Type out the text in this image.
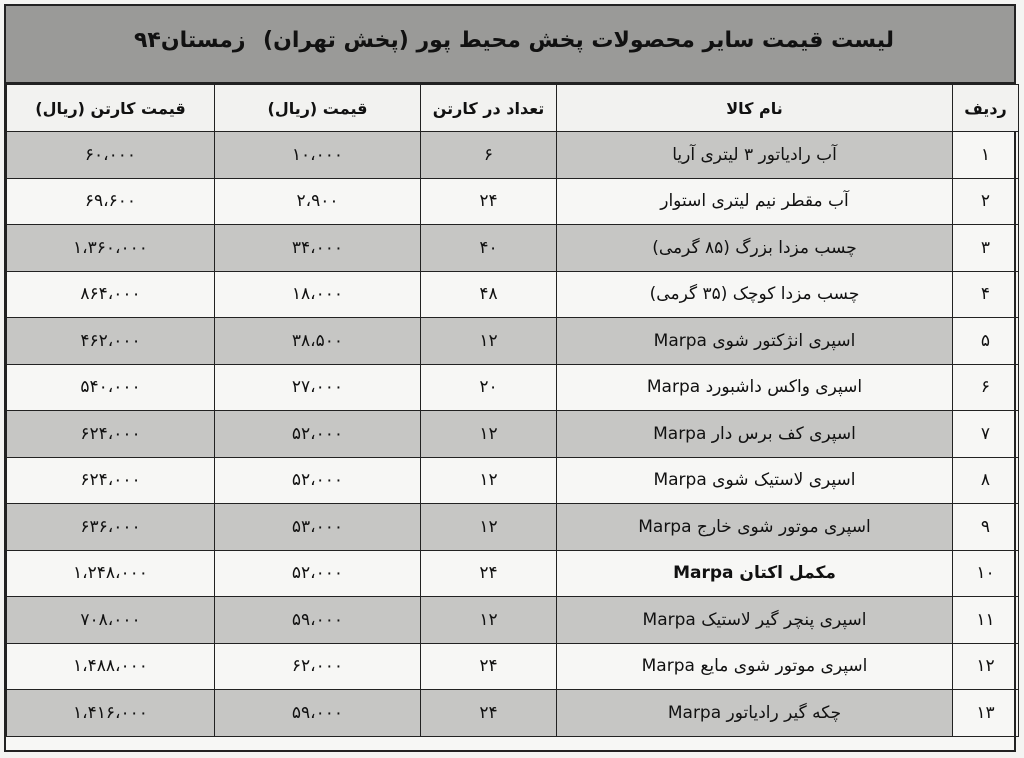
لیست قیمت سایر محصولات پخش محیط پور (پخش تهران)
زمستان۹۴
ردیف	نام کالا	تعداد در کارتن	قیمت (ریال)	قیمت کارتن (ریال)
۱	آب رادیاتور ۳ لیتری آریا	۶	۱۰،۰۰۰	۶۰،۰۰۰
۲	آب مقطر نیم لیتری استوار	۲۴	۲،۹۰۰	۶۹،۶۰۰
۳	چسب مزدا بزرگ (۸۵ گرمی)	۴۰	۳۴،۰۰۰	۱،۳۶۰،۰۰۰
۴	چسب مزدا کوچک (۳۵ گرمی)	۴۸	۱۸،۰۰۰	۸۶۴،۰۰۰
۵	اسپری انژکتور شوی Marpa	۱۲	۳۸،۵۰۰	۴۶۲،۰۰۰
۶	اسپری واکس داشبورد Marpa	۲۰	۲۷،۰۰۰	۵۴۰،۰۰۰
۷	اسپری کف برس دار Marpa	۱۲	۵۲،۰۰۰	۶۲۴،۰۰۰
۸	اسپری لاستیک شوی Marpa	۱۲	۵۲،۰۰۰	۶۲۴،۰۰۰
۹	اسپری موتور شوی خارج Marpa	۱۲	۵۳،۰۰۰	۶۳۶،۰۰۰
۱۰	مکمل اکتان Marpa	۲۴	۵۲،۰۰۰	۱،۲۴۸،۰۰۰
۱۱	اسپری پنچر گیر لاستیک Marpa	۱۲	۵۹،۰۰۰	۷۰۸،۰۰۰
۱۲	اسپری موتور شوی مایع Marpa	۲۴	۶۲،۰۰۰	۱،۴۸۸،۰۰۰
۱۳	چکه گیر رادیاتور Marpa	۲۴	۵۹،۰۰۰	۱،۴۱۶،۰۰۰
